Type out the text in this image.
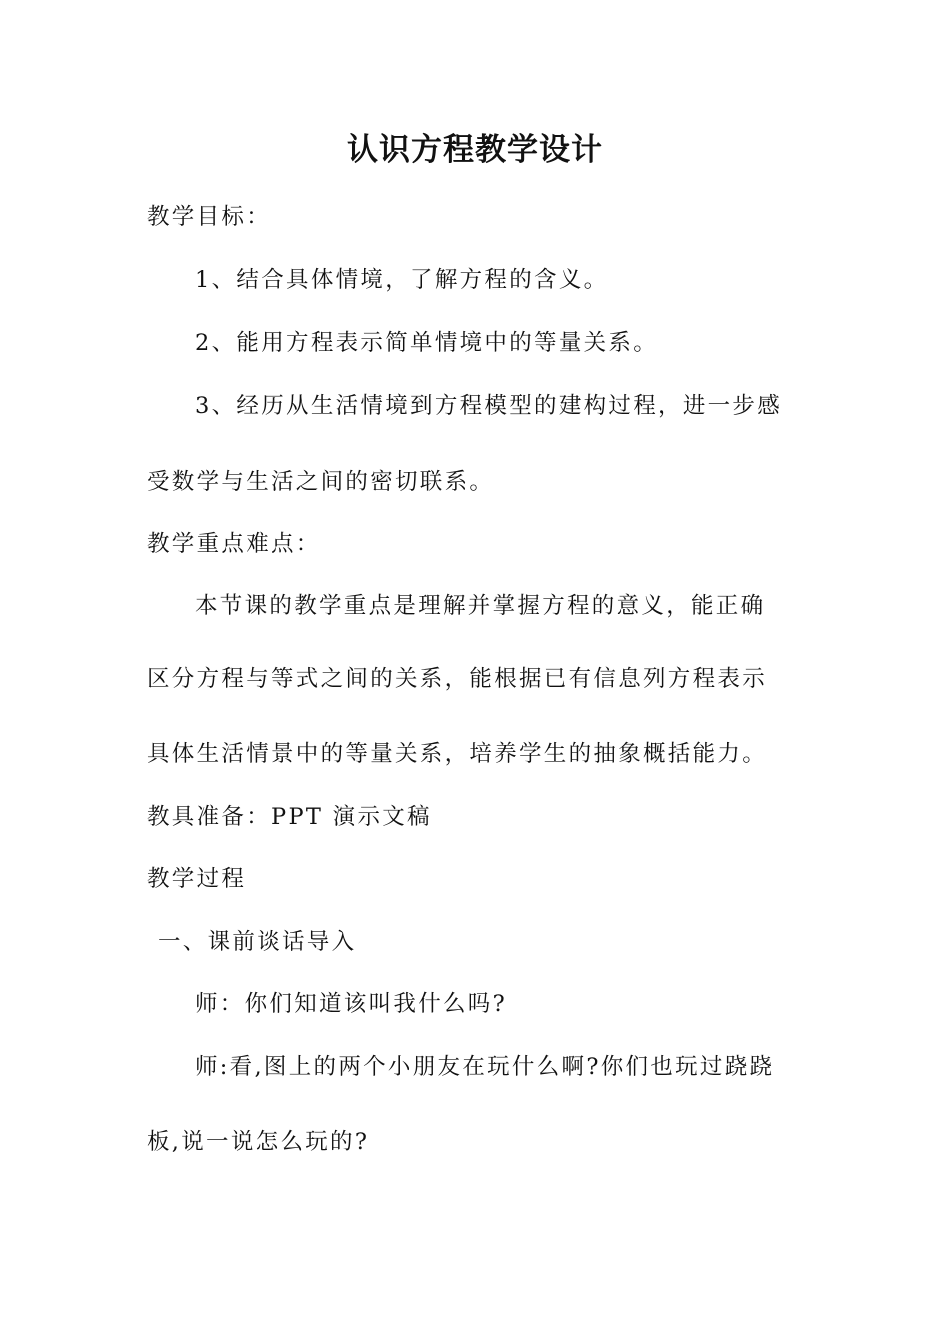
认识方程教学设计
教学目标：
1、结合具体情境，了解方程的含义。
2、能用方程表示简单情境中的等量关系。
3、经历从生活情境到方程模型的建构过程，进一步感
受数学与生活之间的密切联系。
教学重点难点：
本节课的教学重点是理解并掌握方程的意义，能正确
区分方程与等式之间的关系，能根据已有信息列方程表示
具体生活情景中的等量关系，培养学生的抽象概括能力。
教具准备：PPT 演示文稿
教学过程
一、课前谈话导入
师：你们知道该叫我什么吗?
师:看,图上的两个小朋友在玩什么啊?你们也玩过跷跷
板,说一说怎么玩的?
